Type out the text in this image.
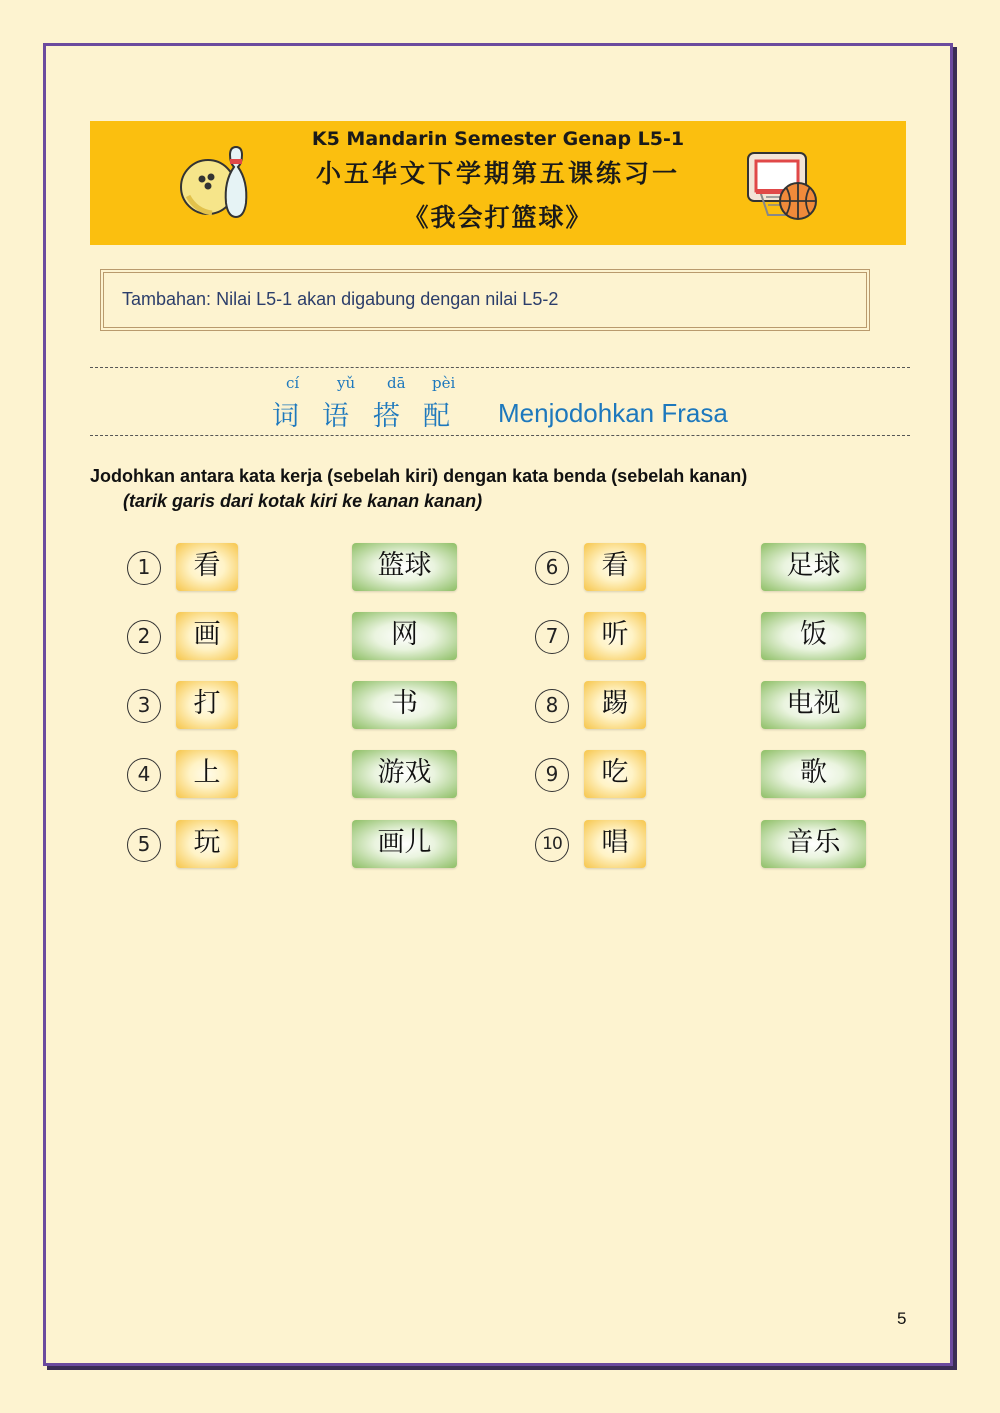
K5 Mandarin Semester Genap L5-1
小五华文下学期第五课练习一
《我会打篮球》
Tambahan: Nilai L5-1 akan digabung dengan nilai L5-2
cí	yǔ dā pèi
词 语 搭 配 Menjodohkan Frasa
Jodohkan antara kata kerja (sebelah kiri) dengan kata benda (sebelah kanan)
(tarik garis dari kotak kiri ke kanan kanan)
1	看	篮球
2	画	网
3	打	书
4	上	游戏
5	玩	画儿
6	看	足球
7	听	饭
8	踢	电视
9	吃	歌
10	唱	音乐
5
